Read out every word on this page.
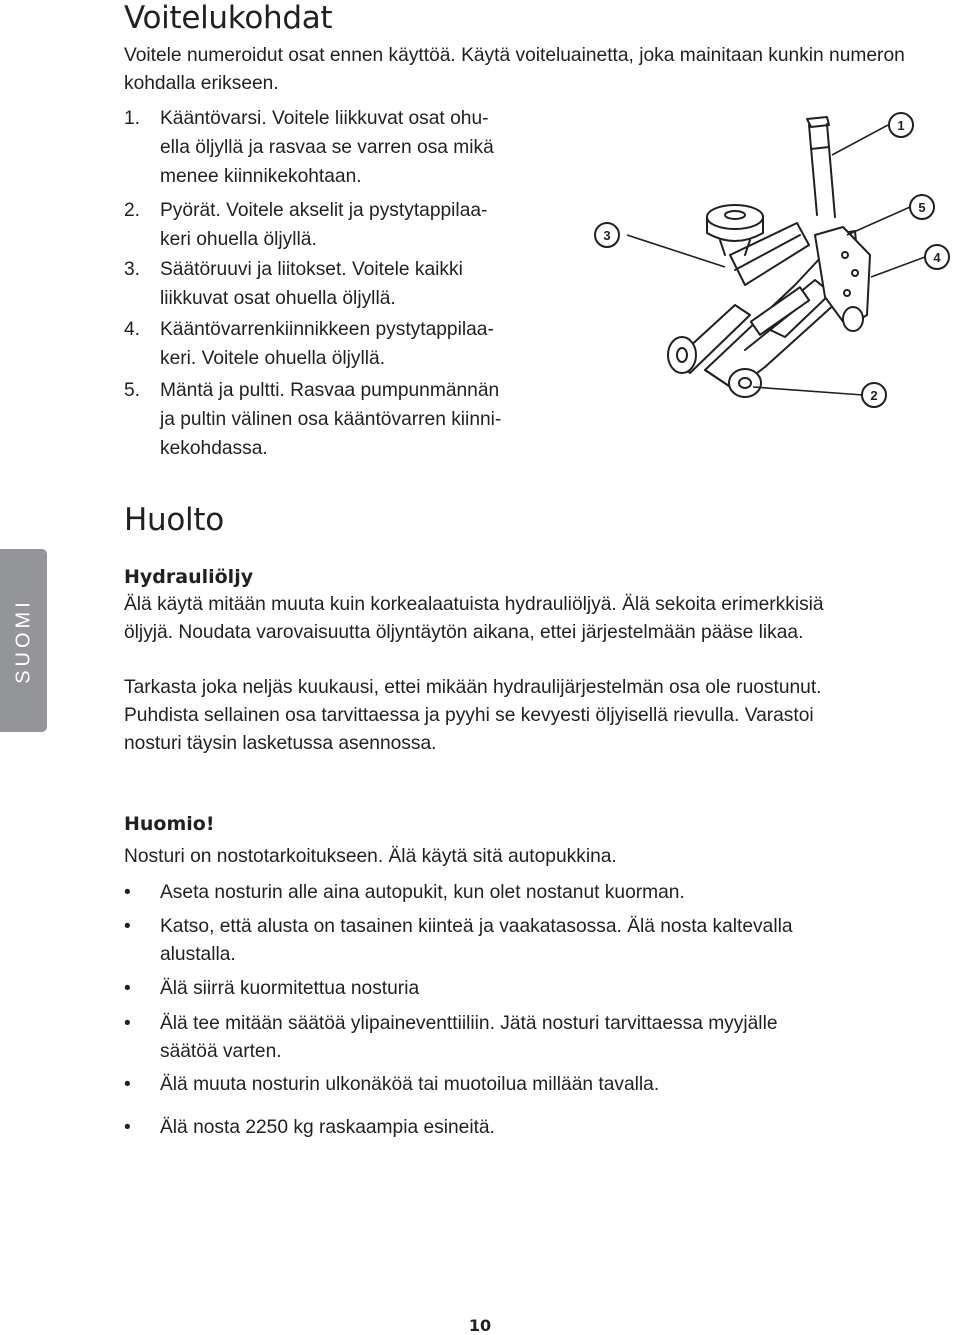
Voitelukohdat
Voitele numeroidut osat ennen käyttöä. Käytä voiteluainetta, joka mainitaan kunkin numeron kohdalla erikseen.
1. Kääntövarsi. Voitele liikkuvat osat ohu-
ella öljyllä ja rasvaa se varren osa mikä
menee kiinnikekohtaan.
2. Pyörät. Voitele akselit ja pystytappilaa-
keri ohuella öljyllä.
3. Säätöruuvi ja liitokset. Voitele kaikki
liikkuvat osat ohuella öljyllä.
4. Kääntövarrenkiinnikkeen pystytappilaa-
keri. Voitele ohuella öljyllä.
5. Mäntä ja pultti. Rasvaa pumpunmännän
ja pultin välinen osa kääntövarren kiinni-
kekohdassa.
3
1
5
4
2
SUOMI
Huolto
Hydrauliöljy
Älä käytä mitään muuta kuin korkealaatuista hydrauliöljyä. Älä sekoita erimerkkisiä
öljyjä. Noudata varovaisuutta öljyntäytön aikana, ettei järjestelmään pääse likaa.
Tarkasta joka neljäs kuukausi, ettei mikään hydraulijärjestelmän osa ole ruostunut.
Puhdista sellainen osa tarvittaessa ja pyyhi se kevyesti öljyisellä rievulla. Varastoi
nosturi täysin lasketussa asennossa.
Huomio!
Nosturi on nostotarkoitukseen. Älä käytä sitä autopukkina.
• Aseta nosturin alle aina autopukit, kun olet nostanut kuorman.
• Katso, että alusta on tasainen kiinteä ja vaakatasossa. Älä nosta kaltevalla
alustalla.
• Älä siirrä kuormitettua nosturia
• Älä tee mitään säätöä ylipaineventtiiliin. Jätä nosturi tarvittaessa myyjälle
säätöä varten.
• Älä muuta nosturin ulkonäköä tai muotoilua millään tavalla.
• Älä nosta 2250 kg raskaampia esineitä.
10
